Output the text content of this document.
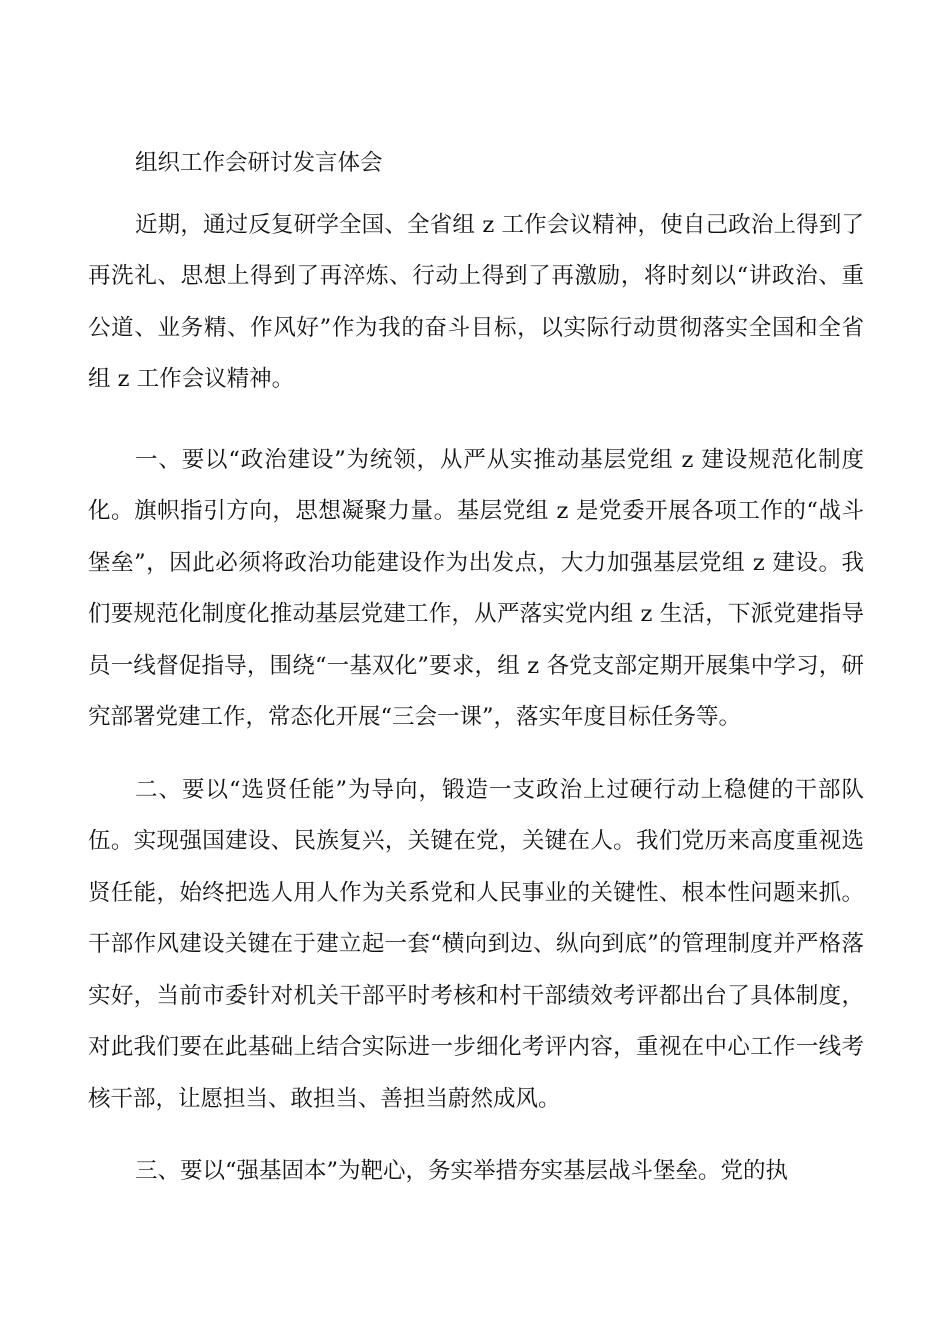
组织工作会研讨发言体会

近期，通过反复研学全国、全省组 z 工作会议精神，使自己政治上得到了再洗礼、思想上得到了再淬炼、行动上得到了再激励，将时刻以“讲政治、重公道、业务精、作风好”作为我的奋斗目标，以实际行动贯彻落实全国和全省组 z 工作会议精神。

一、要以“政治建设”为统领，从严从实推动基层党组 z 建设规范化制度化。旗帜指引方向，思想凝聚力量。基层党组 z 是党委开展各项工作的“战斗堡垒”，因此必须将政治功能建设作为出发点，大力加强基层党组 z 建设。我们要规范化制度化推动基层党建工作，从严落实党内组 z 生活，下派党建指导员一线督促指导，围绕“一基双化”要求，组 z 各党支部定期开展集中学习，研究部署党建工作，常态化开展“三会一课”，落实年度目标任务等。

二、要以“选贤任能”为导向，锻造一支政治上过硬行动上稳健的干部队伍。实现强国建设、民族复兴，关键在党，关键在人。我们党历来高度重视选贤任能，始终把选人用人作为关系党和人民事业的关键性、根本性问题来抓。干部作风建设关键在于建立起一套“横向到边、纵向到底”的管理制度并严格落实好，当前市委针对机关干部平时考核和村干部绩效考评都出台了具体制度，对此我们要在此基础上结合实际进一步细化考评内容，重视在中心工作一线考核干部，让愿担当、敢担当、善担当蔚然成风。

三、要以“强基固本”为靶心，务实举措夯实基层战斗堡垒。党的执
